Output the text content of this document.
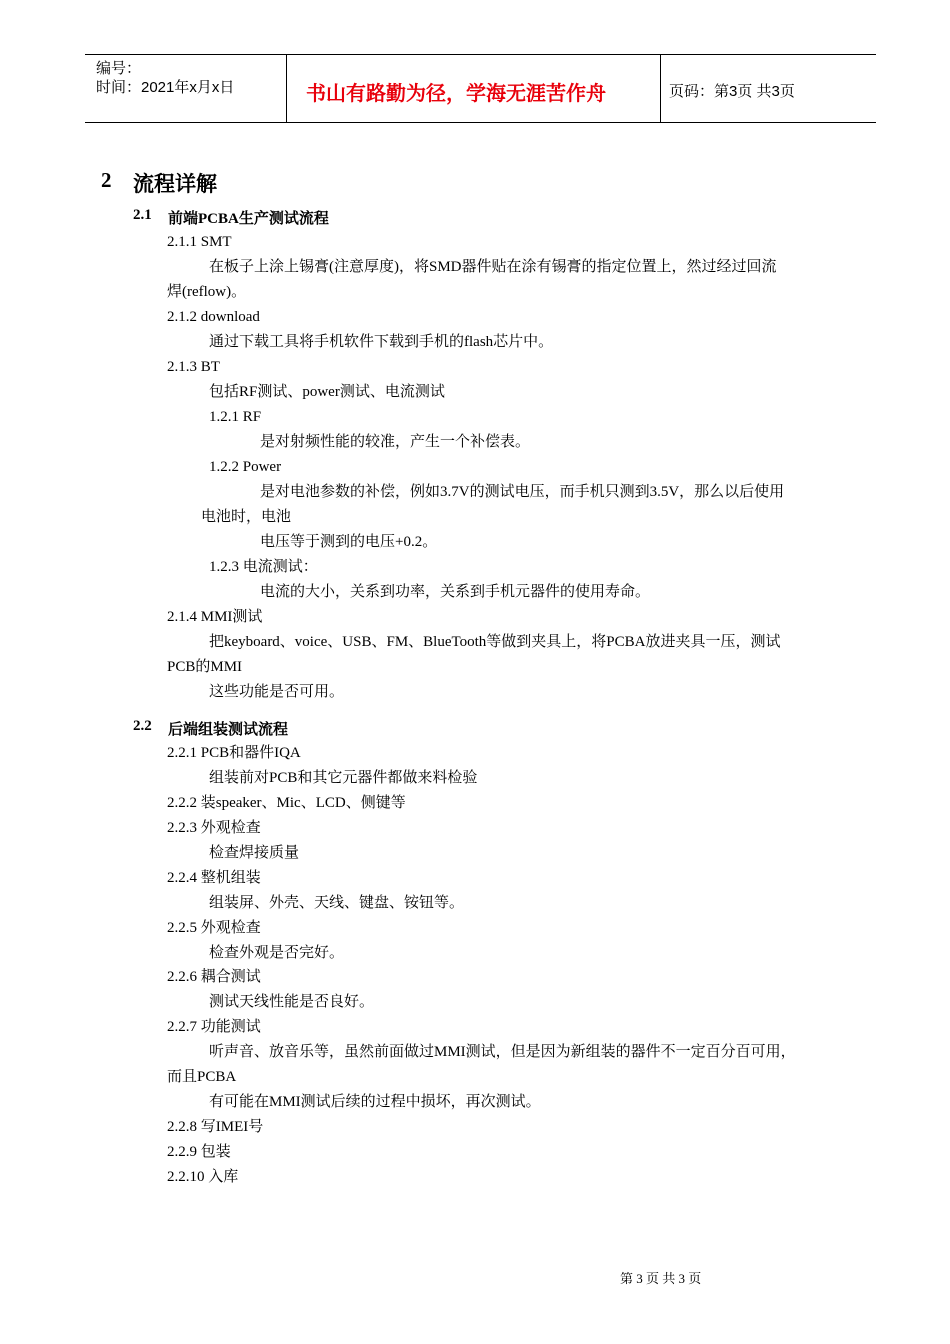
编号：
时间：2021年x月x日	书山有路勤为径，学海无涯苦作舟	页码：第3页 共3页
2 流程详解
2.1 前端PCBA生产测试流程
2.1.1 SMT
在板子上涂上锡膏(注意厚度)，将SMD器件贴在涂有锡膏的指定位置上，然过经过回流
焊(reflow)。
2.1.2 download
通过下载工具将手机软件下载到手机的flash芯片中。
2.1.3 BT
包括RF测试、power测试、电流测试
1.2.1 RF
是对射频性能的较准，产生一个补偿表。
1.2.2 Power
是对电池参数的补偿，例如3.7V的测试电压，而手机只测到3.5V，那么以后使用
电池时，电池
电压等于测到的电压+0.2。
1.2.3 电流测试：
电流的大小，关系到功率，关系到手机元器件的使用寿命。
2.1.4 MMI测试
把keyboard、voice、USB、FM、BlueTooth等做到夹具上，将PCBA放进夹具一压，测试
PCB的MMI
这些功能是否可用。
2.2 后端组装测试流程
2.2.1 PCB和器件IQA
组装前对PCB和其它元器件都做来料检验
2.2.2 装speaker、Mic、LCD、侧键等
2.2.3 外观检查
检查焊接质量
2.2.4 整机组装
组装屏、外壳、天线、键盘、铵钮等。
2.2.5 外观检查
检查外观是否完好。
2.2.6 耦合测试
测试天线性能是否良好。
2.2.7 功能测试
听声音、放音乐等，虽然前面做过MMI测试，但是因为新组装的器件不一定百分百可用，
而且PCBA
有可能在MMI测试后续的过程中损坏，再次测试。
2.2.8 写IMEI号
2.2.9 包装
2.2.10 入库
第 3 页 共 3 页
